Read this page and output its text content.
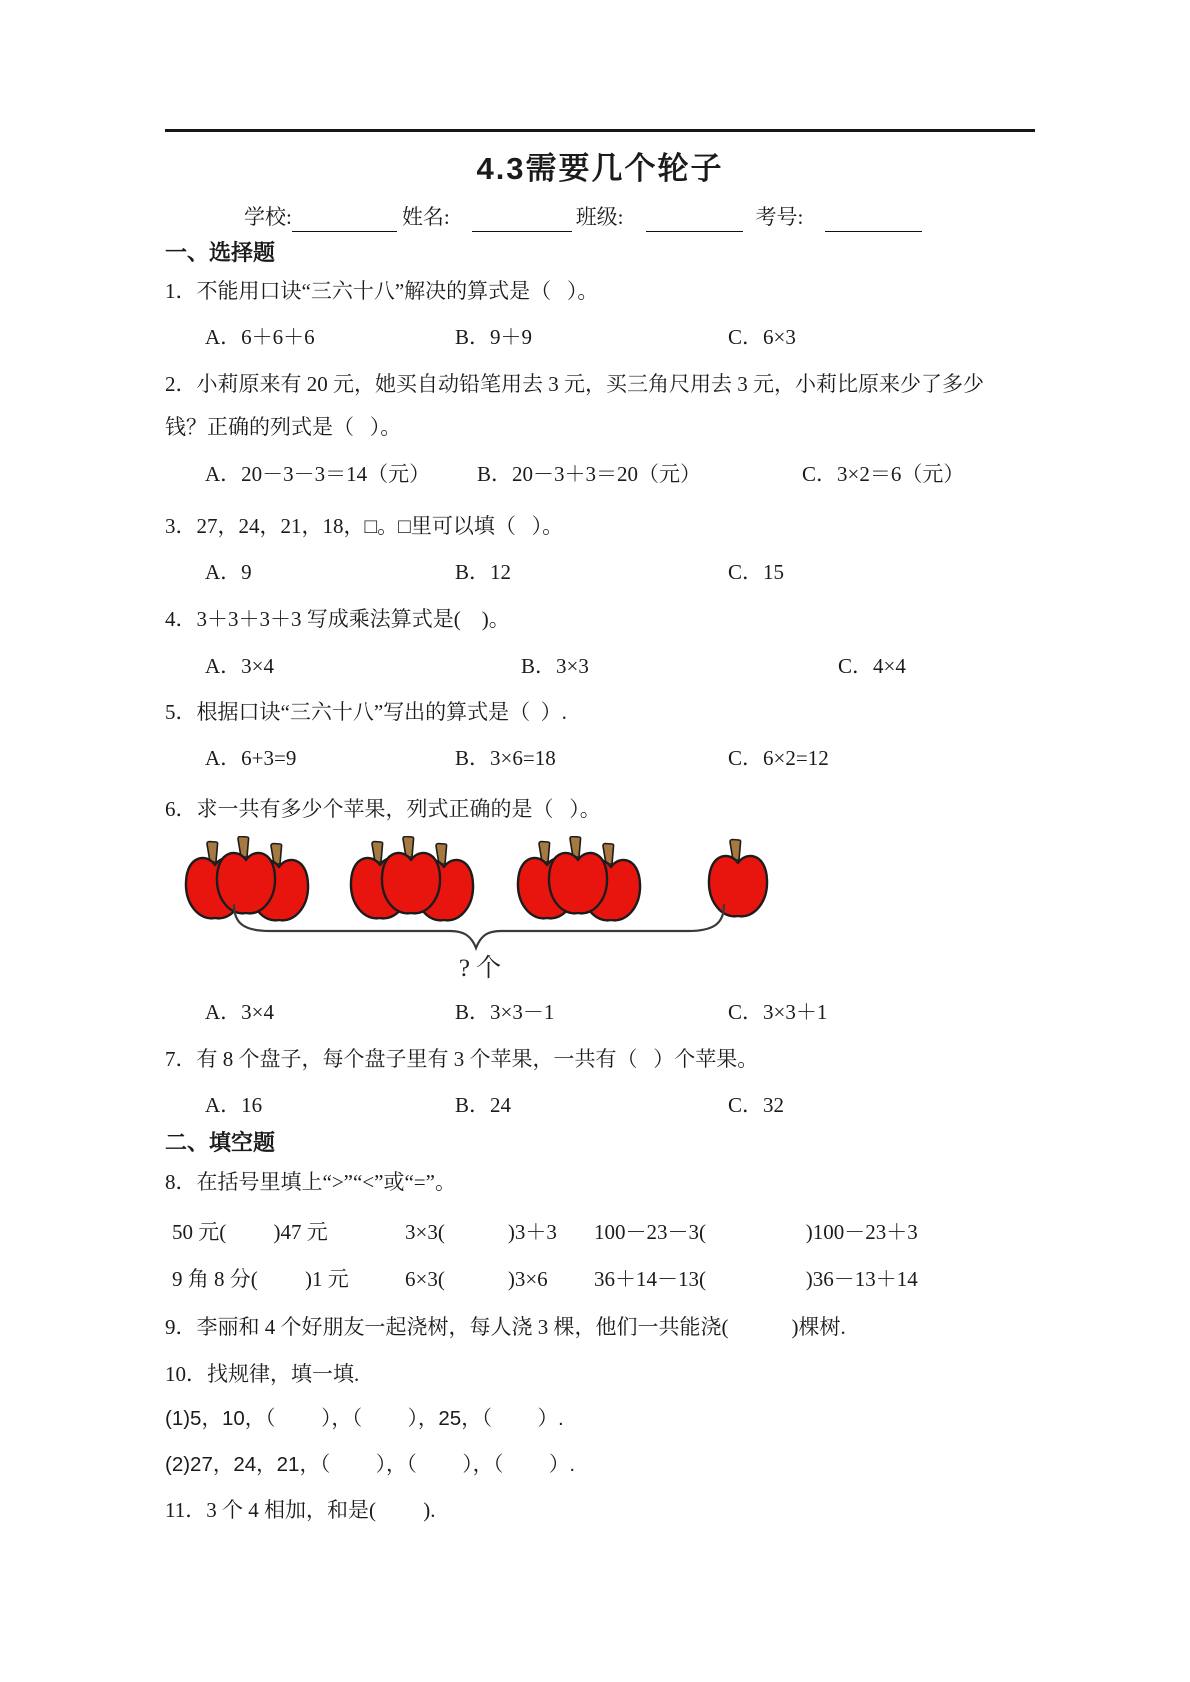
4.3需要几个轮子
学校:	姓名:	班级:	考号:
一、选择题
1．不能用口诀“三六十八”解决的算式是（   ）。
A．6＋6＋6	B．9＋9	C．6×3
2．小莉原来有 20 元，她买自动铅笔用去 3 元，买三角尺用去 3 元，小莉比原来少了多少
钱？正确的列式是（   ）。
A．20－3－3＝14（元）	B．20－3＋3＝20（元）	C．3×2＝6（元）
3．27，24，21，18，□。□里可以填（   ）。
A．9	B．12	C．15
4．3＋3＋3＋3 写成乘法算式是(    )。
A．3×4	B．3×3	C．4×4
5．根据口诀“三六十八”写出的算式是（  ）.
A．6+3=9	B．3×6=18	C．6×2=12
6．求一共有多少个苹果，列式正确的是（   ）。
? 个
A．3×4	B．3×3－1	C．3×3＋1
7．有 8 个盘子，每个盘子里有 3 个苹果，一共有（   ）个苹果。
A．16	B．24	C．32
二、填空题
8．在括号里填上“>”“<”或“=”。
50 元(         )47 元	3×3(            )3＋3	100－23－3(                   )100－23＋3
9 角 8 分(         )1 元	6×3(            )3×6	36＋14－13(                   )36－13＋14
9．李丽和 4 个好朋友一起浇树，每人浇 3 棵，他们一共能浇(            )棵树.
10．找规律，填一填.
(1)5，10，（        ），（        ），25，（        ）.
(2)27，24，21，（        ），（        ），（        ）.
11．3 个 4 相加，和是(         ).
